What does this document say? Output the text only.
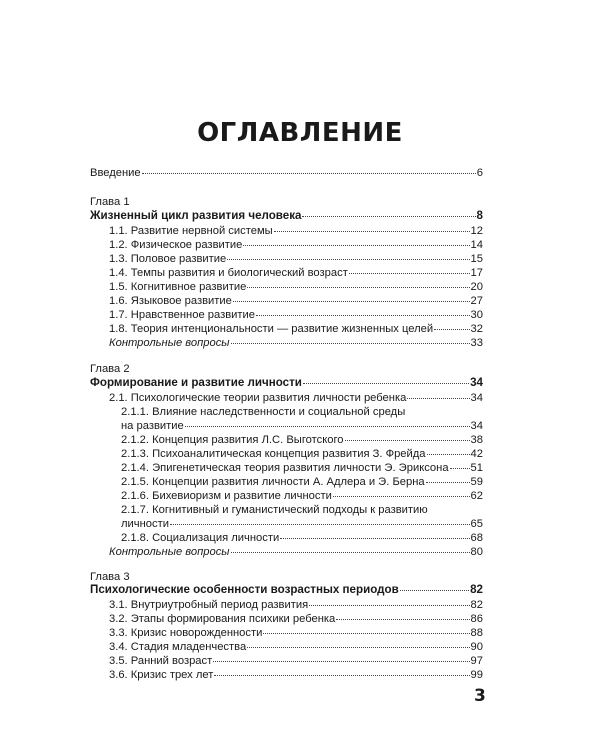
ОГЛАВЛЕНИЕ
Введение	6
Глава 1
Жизненный цикл развития человека	8
1.1. Развитие нервной системы	12
1.2. Физическое развитие	14
1.3. Половое развитие	15
1.4. Темпы развития и биологический возраст	17
1.5. Когнитивное развитие	20
1.6. Языковое развитие	27
1.7. Нравственное развитие	30
1.8. Теория интенциональности — развитие жизненных целей	32
Контрольные вопросы	33
Глава 2
Формирование и развитие личности	34
2.1. Психологические теории развития личности ребенка	34
2.1.1. Влияние наследственности и социальной среды
на развитие	34
2.1.2. Концепция развития Л.С. Выготского	38
2.1.3. Психоаналитическая концепция развития З. Фрейда	42
2.1.4. Эпигенетическая теория развития личности Э. Эриксона 51
2.1.5. Концепции развития личности А. Адлера и Э. Берна	59
2.1.6. Бихевиоризм и развитие личности	62
2.1.7. Когнитивный и гуманистический подходы к развитию
личности	65
2.1.8. Социализация личности	68
Контрольные вопросы	80
Глава 3
Психологические особенности возрастных периодов	82
3.1. Внутриутробный период развития	82
3.2. Этапы формирования психики ребенка	86
3.3. Кризис новорожденности	88
3.4. Стадия младенчества	90
3.5. Ранний возраст	97
3.6. Кризис трех лет	99
3
